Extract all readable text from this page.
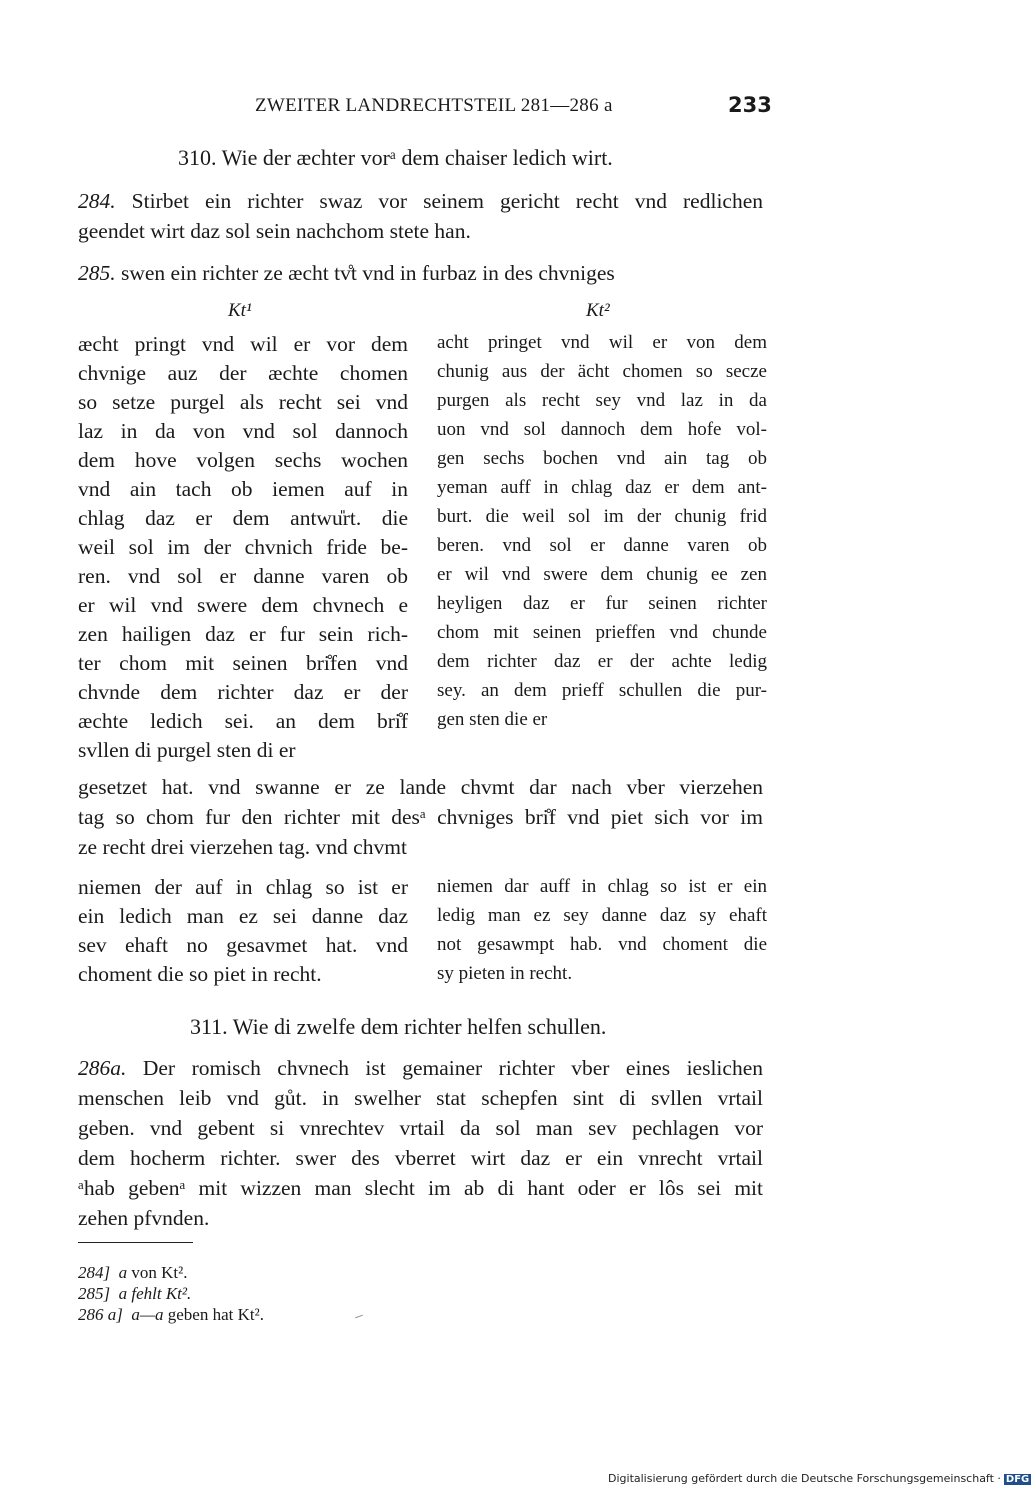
ZWEITER LANDRECHTSTEIL 281—286 a	233
310. Wie der æchter vorᵃ dem chaiser ledich wirt.
284. Stirbet ein richter swaz vor seinem gericht recht vnd redlichen
geendet wirt daz sol sein nachchom stete han.
285. swen ein richter ze æcht tv̊t vnd in furbaz in des chvniges
Kt¹	Kt²
æcht pringt vnd wil er vor dem
chvnige auz der æchte chomen
so setze purgel als recht sei vnd
laz in da von vnd sol dannoch
dem hove volgen sechs wochen
vnd ain tach ob iemen auf in
chlag daz er dem antwu̎rt. die
weil sol im der chvnich fride be-
ren. vnd sol er danne varen ob
er wil vnd swere dem chvnech e
zen hailigen daz er fur sein rich-
ter chom mit seinen bri̊fen vnd
chvnde dem richter daz er der
æchte ledich sei. an dem bri̊f
svllen di purgel sten di er
acht pringet vnd wil er von dem
chunig aus der ächt chomen so secze
purgen als recht sey vnd laz in da
uon vnd sol dannoch dem hofe vol-
gen sechs bochen vnd ain tag ob
yeman auff in chlag daz er dem ant-
burt. die weil sol im der chunig frid
beren. vnd sol er danne varen ob
er wil vnd swere dem chunig ee zen
heyligen daz er fur seinen richter
chom mit seinen prieffen vnd chunde
dem richter daz er der achte ledig
sey. an dem prieff schullen die pur-
gen sten die er
gesetzet hat. vnd swanne er ze lande chvmt dar nach vber vierzehen
tag so chom fur den richter mit desᵃ chvniges bri̊f vnd piet sich vor im
ze recht drei vierzehen tag. vnd chvmt
niemen der auf in chlag so ist er
ein ledich man ez sei danne daz
sev ehaft no gesavmet hat. vnd
choment die so piet in recht.
niemen dar auff in chlag so ist er ein
ledig man ez sey danne daz sy ehaft
not gesawmpt hab. vnd choment die
sy pieten in recht.
311. Wie di zwelfe dem richter helfen schullen.
286a. Der romisch chvnech ist gemainer richter vber eines ieslichen
menschen leib vnd gůt. in swelher stat schepfen sint di svllen vrtail
geben. vnd gebent si vnrechtev vrtail da sol man sev pechlagen vor
dem hocherm richter. swer des vberret wirt daz er ein vnrecht vrtail
ᵃhab gebenᵃ mit wizzen man slecht im ab di hant oder er lôs sei mit
zehen pfvnden.
284] a von Kt².
285] a fehlt Kt².
286 a] a—a geben hat Kt².
Digitalisierung gefördert durch die Deutsche Forschungsgemeinschaft · DFG
